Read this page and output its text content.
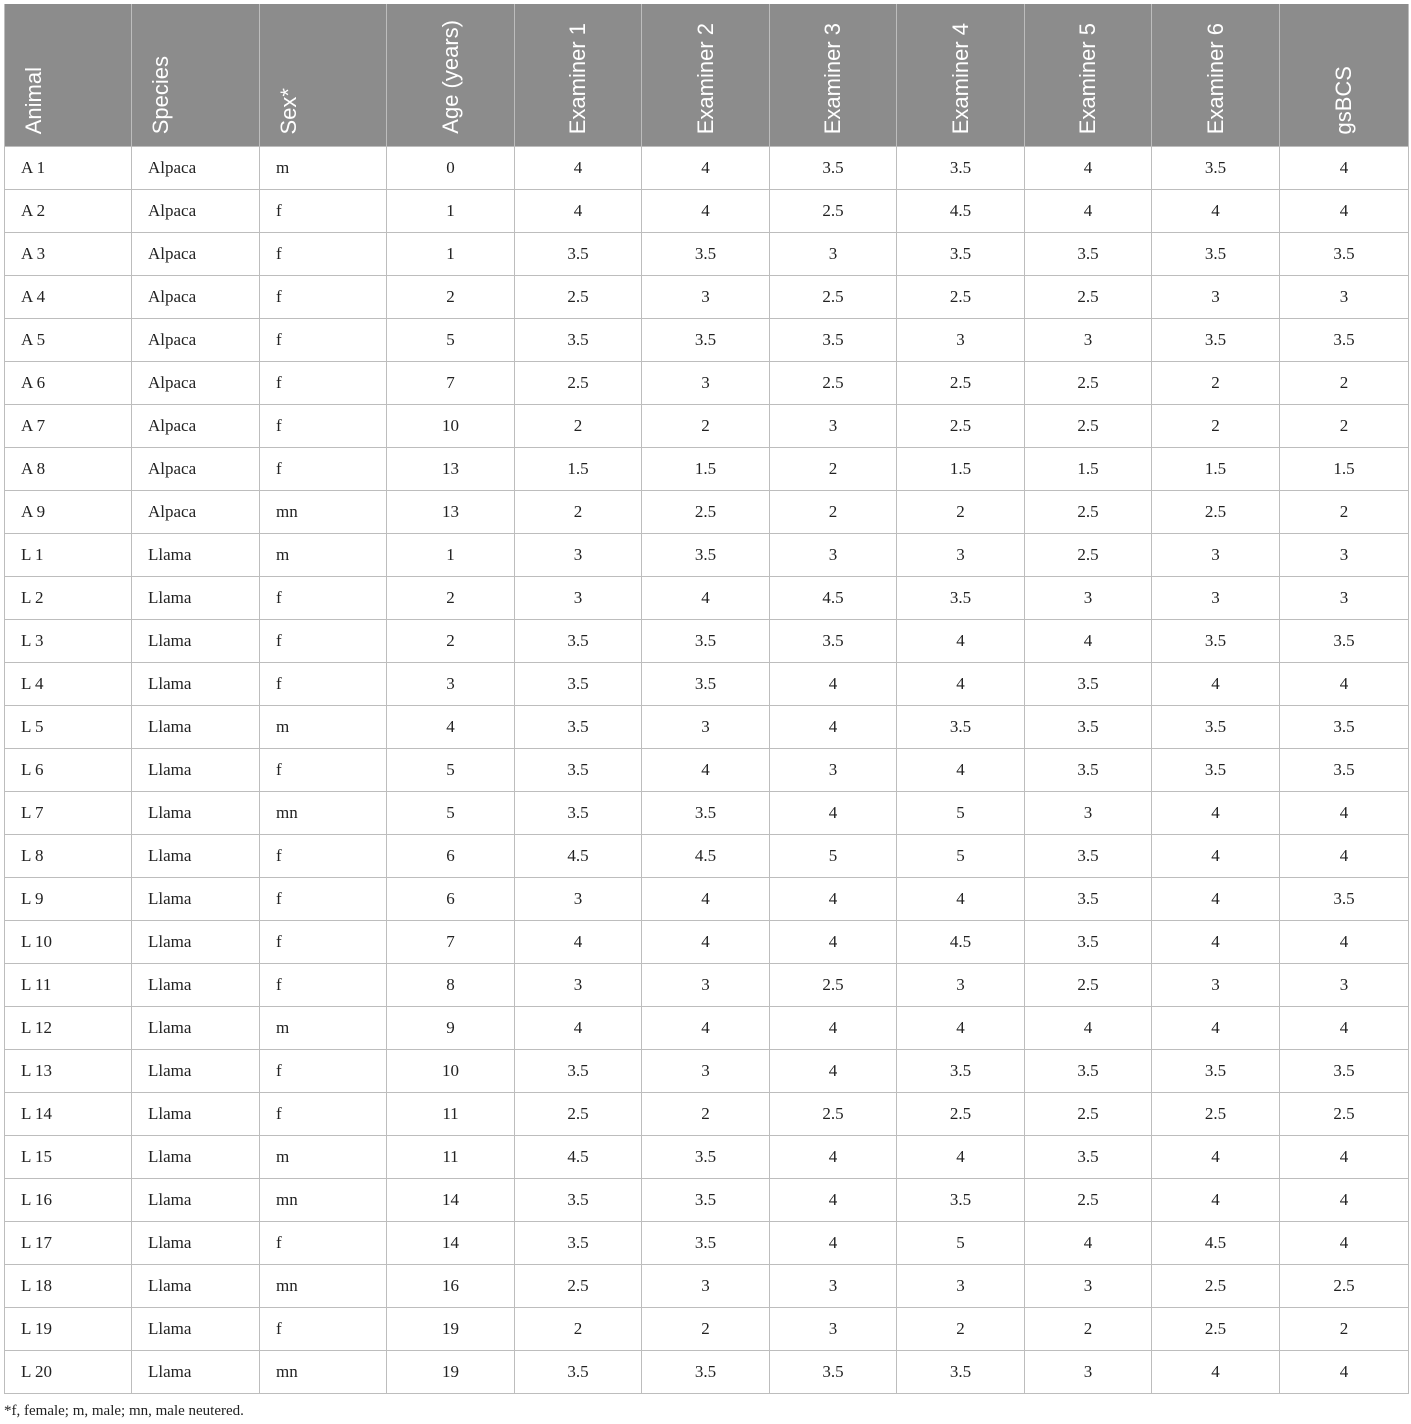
Animal	Species	Sex*	Age (years)	Examiner 1	Examiner 2	Examiner 3	Examiner 4	Examiner 5	Examiner 6	gsBCS

A 1	Alpaca	m	0	4	4	3.5	3.5	4	3.5	4
A 2	Alpaca	f	1	4	4	2.5	4.5	4	4	4
A 3	Alpaca	f	1	3.5	3.5	3	3.5	3.5	3.5	3.5
A 4	Alpaca	f	2	2.5	3	2.5	2.5	2.5	3	3
A 5	Alpaca	f	5	3.5	3.5	3.5	3	3	3.5	3.5
A 6	Alpaca	f	7	2.5	3	2.5	2.5	2.5	2	2
A 7	Alpaca	f	10	2	2	3	2.5	2.5	2	2
A 8	Alpaca	f	13	1.5	1.5	2	1.5	1.5	1.5	1.5
A 9	Alpaca	mn	13	2	2.5	2	2	2.5	2.5	2
L 1	Llama	m	1	3	3.5	3	3	2.5	3	3
L 2	Llama	f	2	3	4	4.5	3.5	3	3	3
L 3	Llama	f	2	3.5	3.5	3.5	4	4	3.5	3.5
L 4	Llama	f	3	3.5	3.5	4	4	3.5	4	4
L 5	Llama	m	4	3.5	3	4	3.5	3.5	3.5	3.5
L 6	Llama	f	5	3.5	4	3	4	3.5	3.5	3.5
L 7	Llama	mn	5	3.5	3.5	4	5	3	4	4
L 8	Llama	f	6	4.5	4.5	5	5	3.5	4	4
L 9	Llama	f	6	3	4	4	4	3.5	4	3.5
L 10	Llama	f	7	4	4	4	4.5	3.5	4	4
L 11	Llama	f	8	3	3	2.5	3	2.5	3	3
L 12	Llama	m	9	4	4	4	4	4	4	4
L 13	Llama	f	10	3.5	3	4	3.5	3.5	3.5	3.5
L 14	Llama	f	11	2.5	2	2.5	2.5	2.5	2.5	2.5
L 15	Llama	m	11	4.5	3.5	4	4	3.5	4	4
L 16	Llama	mn	14	3.5	3.5	4	3.5	2.5	4	4
L 17	Llama	f	14	3.5	3.5	4	5	4	4.5	4
L 18	Llama	mn	16	2.5	3	3	3	3	2.5	2.5
L 19	Llama	f	19	2	2	3	2	2	2.5	2
L 20	Llama	mn	19	3.5	3.5	3.5	3.5	3	4	4
*f, female; m, male; mn, male neutered.
